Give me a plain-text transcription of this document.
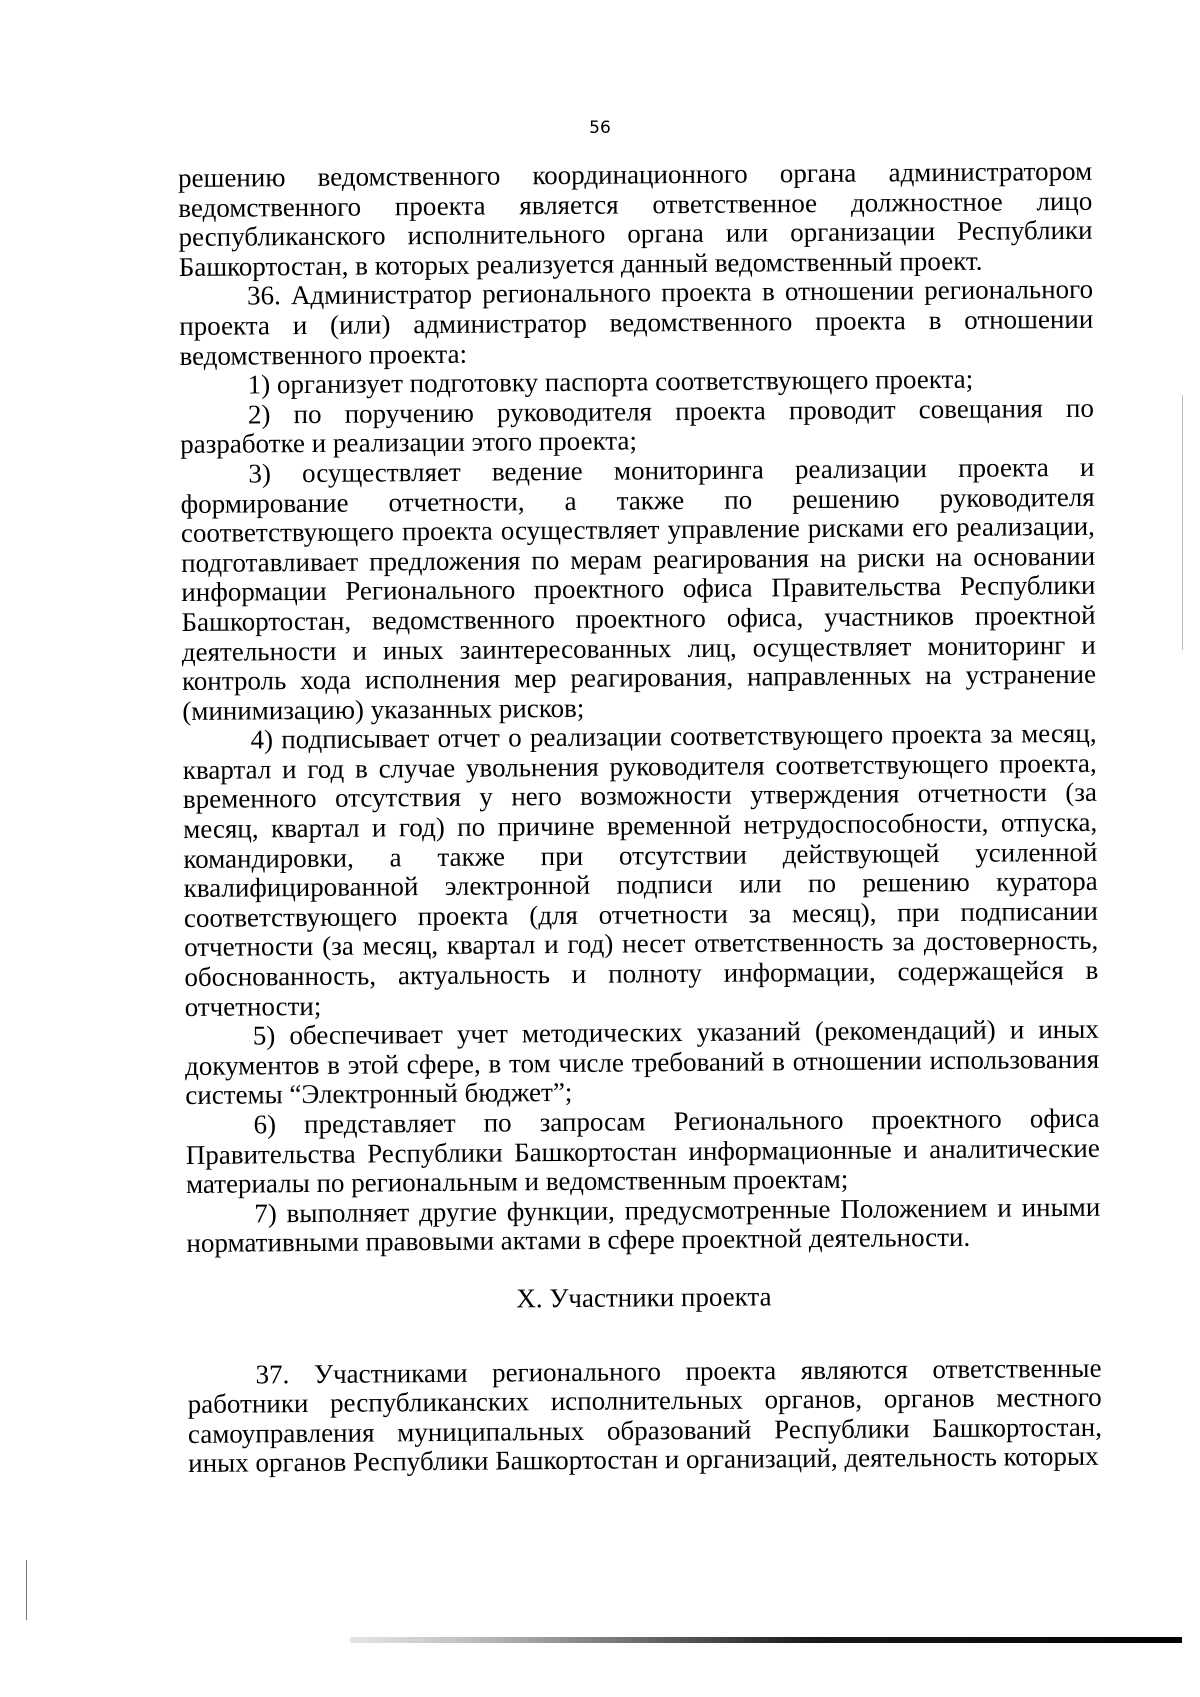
56

решению ведомственного координационного органа администратором ведомственного проекта является ответственное должностное лицо республиканского исполнительного органа или организации Республики Башкортостан, в которых реализуется данный ведомственный проект.

36. Администратор регионального проекта в отношении регионального проекта и (или) администратор ведомственного проекта в отношении ведомственного проекта:

1) организует подготовку паспорта соответствующего проекта;

2) по поручению руководителя проекта проводит совещания по разработке и реализации этого проекта;

3) осуществляет ведение мониторинга реализации проекта и формирование отчетности, а также по решению руководителя соответствующего проекта осуществляет управление рисками его реализации, подготавливает предложения по мерам реагирования на риски на основании информации Регионального проектного офиса Правительства Республики Башкортостан, ведомственного проектного офиса, участников проектной деятельности и иных заинтересованных лиц, осуществляет мониторинг и контроль хода исполнения мер реагирования, направленных на устранение (минимизацию) указанных рисков;

4) подписывает отчет о реализации соответствующего проекта за месяц, квартал и год в случае увольнения руководителя соответствующего проекта, временного отсутствия у него возможности утверждения отчетности (за месяц, квартал и год) по причине временной нетрудоспособности, отпуска, командировки, а также при отсутствии действующей усиленной квалифицированной электронной подписи или по решению куратора соответствующего проекта (для отчетности за месяц), при подписании отчетности (за месяц, квартал и год) несет ответственность за достоверность, обоснованность, актуальность и полноту информации, содержащейся в отчетности;

5) обеспечивает учет методических указаний (рекомендаций) и иных документов в этой сфере, в том числе требований в отношении использования системы “Электронный бюджет”;

6) представляет по запросам Регионального проектного офиса Правительства Республики Башкортостан информационные и аналитические материалы по региональным и ведомственным проектам;

7) выполняет другие функции, предусмотренные Положением и иными нормативными правовыми актами в сфере проектной деятельности.

X. Участники проекта

37. Участниками регионального проекта являются ответственные работники республиканских исполнительных органов, органов местного самоуправления муниципальных образований Республики Башкортостан, иных органов Республики Башкортостан и организаций, деятельность которых
